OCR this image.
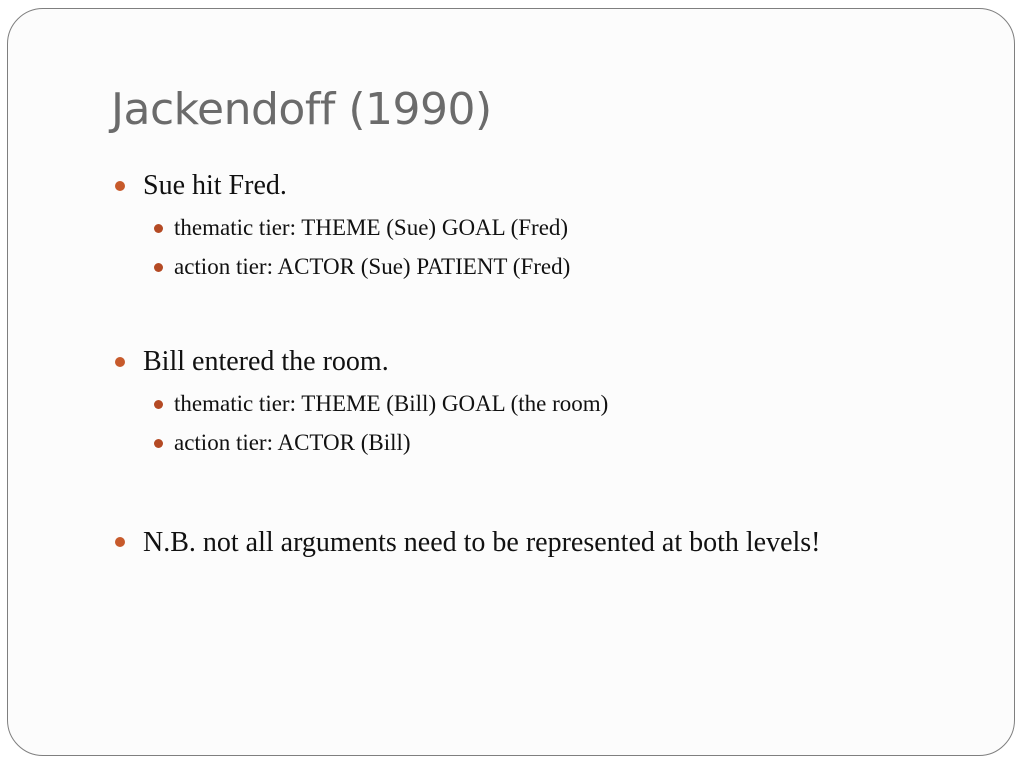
Jackendoff (1990)
Sue hit Fred.
thematic tier: THEME (Sue) GOAL (Fred)
action tier: ACTOR (Sue) PATIENT (Fred)
Bill entered the room.
thematic tier: THEME (Bill) GOAL (the room)
action tier: ACTOR (Bill)
N.B. not all arguments need to be represented at both levels!
